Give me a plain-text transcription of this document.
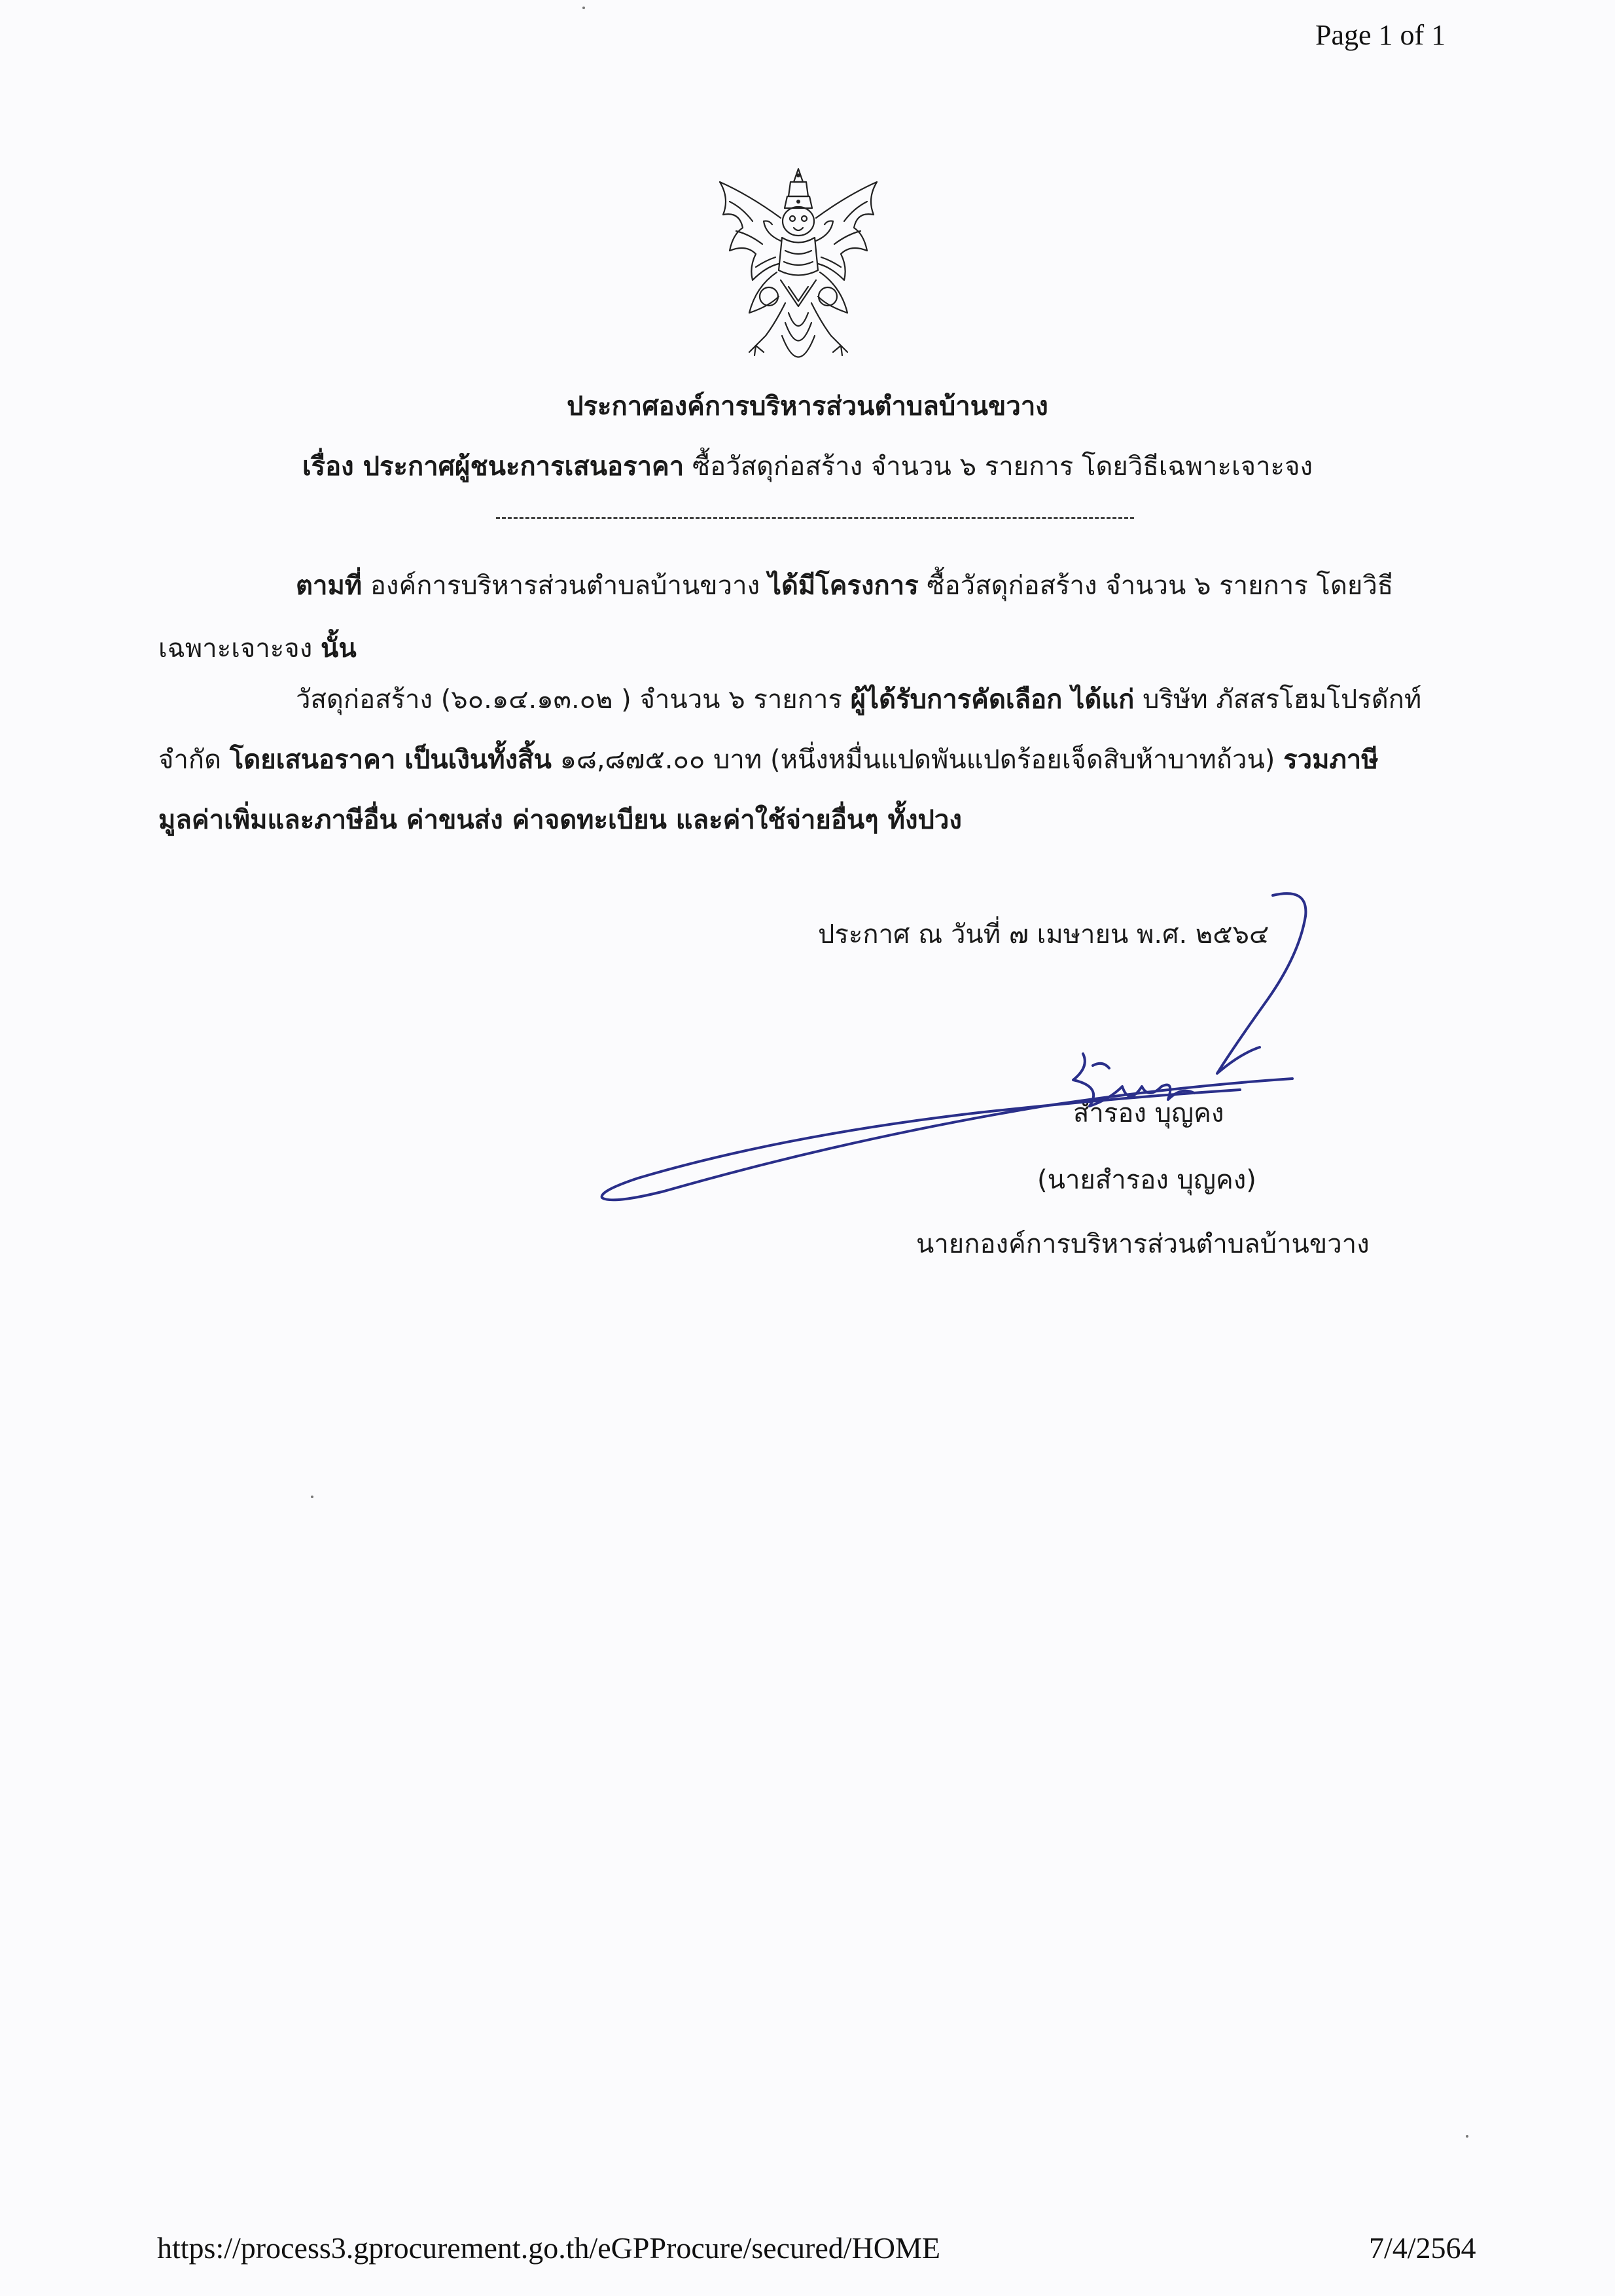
Page 1 of 1
ประกาศองค์การบริหารส่วนตำบลบ้านขวาง
เรื่อง ประกาศผู้ชนะการเสนอราคา ซื้อวัสดุก่อสร้าง จำนวน ๖ รายการ โดยวิธีเฉพาะเจาะจง
ตามที่ องค์การบริหารส่วนตำบลบ้านขวาง ได้มีโครงการ ซื้อวัสดุก่อสร้าง จำนวน ๖ รายการ โดยวิธี
เฉพาะเจาะจง นั้น
วัสดุก่อสร้าง (๖๐.๑๔.๑๓.๐๒ ) จำนวน ๖ รายการ ผู้ได้รับการคัดเลือก ได้แก่ บริษัท ภัสสรโฮมโปรดักท์
จำกัด โดยเสนอราคา เป็นเงินทั้งสิ้น ๑๘,๘๗๕.๐๐ บาท (หนึ่งหมื่นแปดพันแปดร้อยเจ็ดสิบห้าบาทถ้วน) รวมภาษี
มูลค่าเพิ่มและภาษีอื่น ค่าขนส่ง ค่าจดทะเบียน และค่าใช้จ่ายอื่นๆ ทั้งปวง
ประกาศ ณ วันที่ ๗ เมษายน พ.ศ. ๒๕๖๔
สำรอง บุญคง
(นายสำรอง บุญคง)
นายกองค์การบริหารส่วนตำบลบ้านขวาง
https://process3.gprocurement.go.th/eGPProcure/secured/HOME	7/4/2564
